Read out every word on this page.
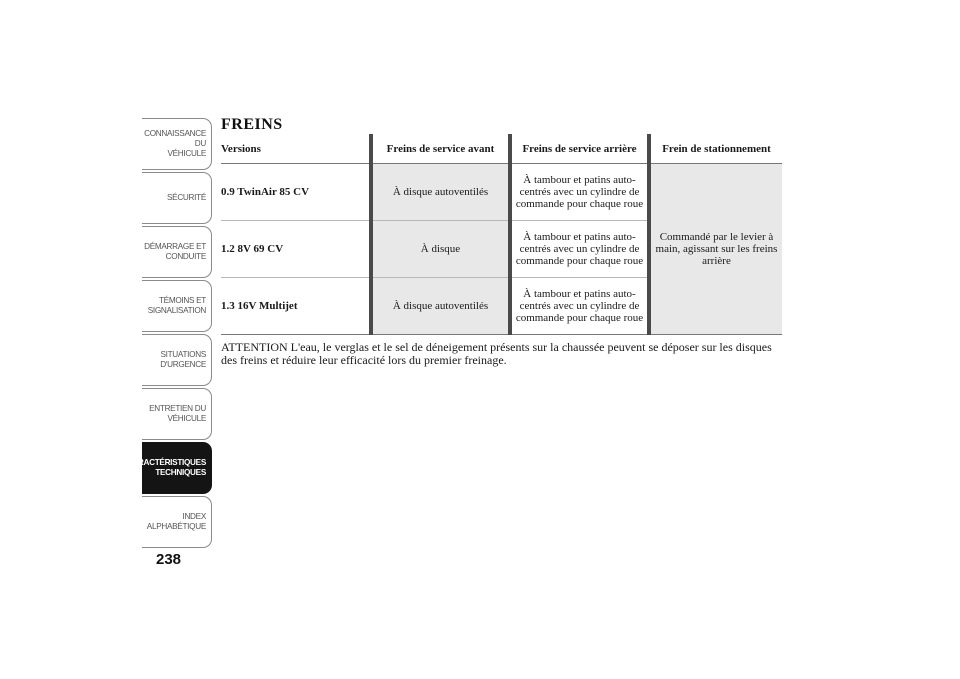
CONNAISSANCE DU
VÉHICULE
SÉCURITÉ
DÉMARRAGE ET
CONDUITE
TÉMOINS ET
SIGNALISATION
SITUATIONS
D'URGENCE
ENTRETIEN DU
VÉHICULE
CARACTÉRISTIQUES
TECHNIQUES
INDEX
ALPHABÉTIQUE
238
FREINS
Versions	Freins de service avant	Freins de service arrière	Frein de stationnement
0.9 TwinAir 85 CV	À disque autoventilés	À tambour et patins auto-centrés avec un cylindre de commande pour chaque roue	Commandé par le levier à main, agissant sur les freins arrière
1.2 8V 69 CV	À disque	À tambour et patins auto-centrés avec un cylindre de commande pour chaque roue	
1.3 16V Multijet	À disque autoventilés	À tambour et patins auto-centrés avec un cylindre de commande pour chaque roue	

ATTENTION L'eau, le verglas et le sel de déneigement présents sur la chaussée peuvent se déposer sur les disques des freins et réduire leur efficacité lors du premier freinage.
